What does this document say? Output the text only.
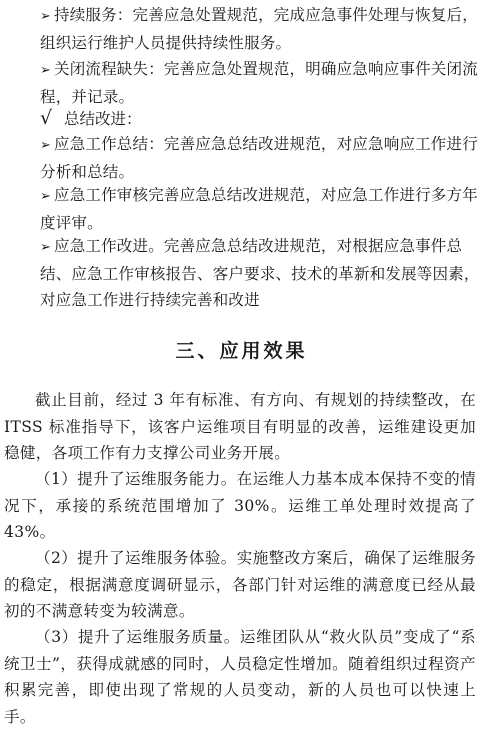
➢ 持续服务：完善应急处置规范，完成应急事件处理与恢复后，组织运行维护人员提供持续性服务。
➢ 关闭流程缺失：完善应急处置规范，明确应急响应事件关闭流程，并记录。
√ 总结改进：
➢ 应急工作总结：完善应急总结改进规范，对应急响应工作进行分析和总结。
➢ 应急工作审核完善应急总结改进规范，对应急工作进行多方年度评审。
➢ 应急工作改进。完善应急总结改进规范，对根据应急事件总结、应急工作审核报告、客户要求、技术的革新和发展等因素，对应急工作进行持续完善和改进
三、应用效果
截止目前，经过 3 年有标准、有方向、有规划的持续整改，在 ITSS 标准指导下，该客户运维项目有明显的改善，运维建设更加稳健，各项工作有力支撑公司业务开展。
（1）提升了运维服务能力。在运维人力基本成本保持不变的情况下，承接的系统范围增加了 30%。运维工单处理时效提高了 43%。
（2）提升了运维服务体验。实施整改方案后，确保了运维服务的稳定，根据满意度调研显示，各部门针对运维的满意度已经从最初的不满意转变为较满意。
（3）提升了运维服务质量。运维团队从“救火队员”变成了“系统卫士”，获得成就感的同时，人员稳定性增加。随着组织过程资产积累完善，即使出现了常规的人员变动，新的人员也可以快速上手。
